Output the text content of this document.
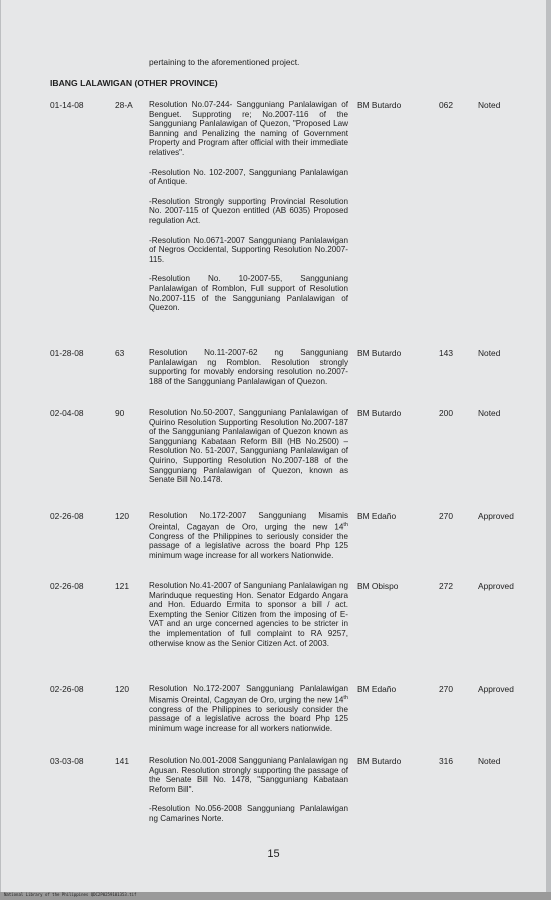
pertaining to the aforementioned project.
IBANG LALAWIGAN (OTHER PROVINCE)
01-14-08	28-A Resolution No.07-244- Sangguniang Panlalawigan of Benguet. Supproting re; No.2007-116 of the Sangguniang Panlalawigan of Quezon, "Proposed Law Banning and Penalizing the naming of Government Property and Program after official with their immediate relatives".

-Resolution No. 102-2007, Sangguniang Panlalawigan of Antique.

-Resolution Strongly supporting Provincial Resolution No. 2007-115 of Quezon entitled (AB 6035) Proposed regulation Act.

-Resolution No.0671-2007 Sangguniang Panlalawigan of Negros Occidental, Supporting Resolution No.2007-115.

-Resolution No. 10-2007-55, Sangguniang Panlalawigan of Romblon, Full support of Resolution No.2007-115 of the Sangguniang Panlalawigan of Quezon.

BM Butardo	062	Noted
01-28-08	63	Resolution No.11-2007-62 ng Sangguniang Panlalawigan ng Romblon. Resolution strongly supporting for movably endorsing resolution no.2007-188 of the Sangguniang Panlalawigan of Quezon.

BM Butardo	143	Noted
02-04-08	90	Resolution No.50-2007, Sangguniang Panlalawigan of Quirino Resolution Supporting Resolution No.2007-187 of the Sangguniang Panlalawigan of Quezon known as Sangguniang Kabataan Reform Bill (HB No.2500) – Resolution No. 51-2007, Sangguniang Panlalawigan of Quirino, Supporting Resolution No.2007-188 of the Sangguniang Panlalawigan of Quezon, known as Senate Bill No.1478.

BM Butardo	200	Noted
02-26-08	120 Resolution No.172-2007 Sangguniang Misamis Oreintal, Cagayan de Oro, urging the new 14th Congress of the Philippines to seriously consider the passage of a legislative across the board Php 125 minimum wage increase for all workers Nationwide.

BM Edaño	270	Approved
02-26-08	121 Resolution No.41-2007 of Sanguniang Panlalawigan ng Marinduque requesting Hon. Senator Edgardo Angara and Hon. Eduardo Ermita to sponsor a bill / act. Exempting the Senior Citizen from the imposing of E-VAT and an urge concerned agencies to be stricter in the implementation of full complaint to RA 9257, otherwise know as the Senior Citizen Act. of 2003.

BM Obispo	272	Approved
02-26-08	120 Resolution No.172-2007 Sangguniang Panlalawigan Misamis Oreintal, Cagayan de Oro, urging the new 14th congress of the Philippines to seriously consider the passage of a legislative across the board Php 125 minimum wage increase for all workers nationwide.

BM Edaño	270	Approved
03-03-08	141 Resolution No.001-2008 Sangguniang Panlalawigan ng Agusan. Resolution strongly supporting the passage of the Senate Bill No. 1478, "Sangguniang Kabataan Reform Bill".

-Resolution No.056-2008 Sangguniang Panlalawigan ng Camarines Norte.

BM Butardo	316	Noted
15
National Library of the Philippines QDC2P0259101353.tif
